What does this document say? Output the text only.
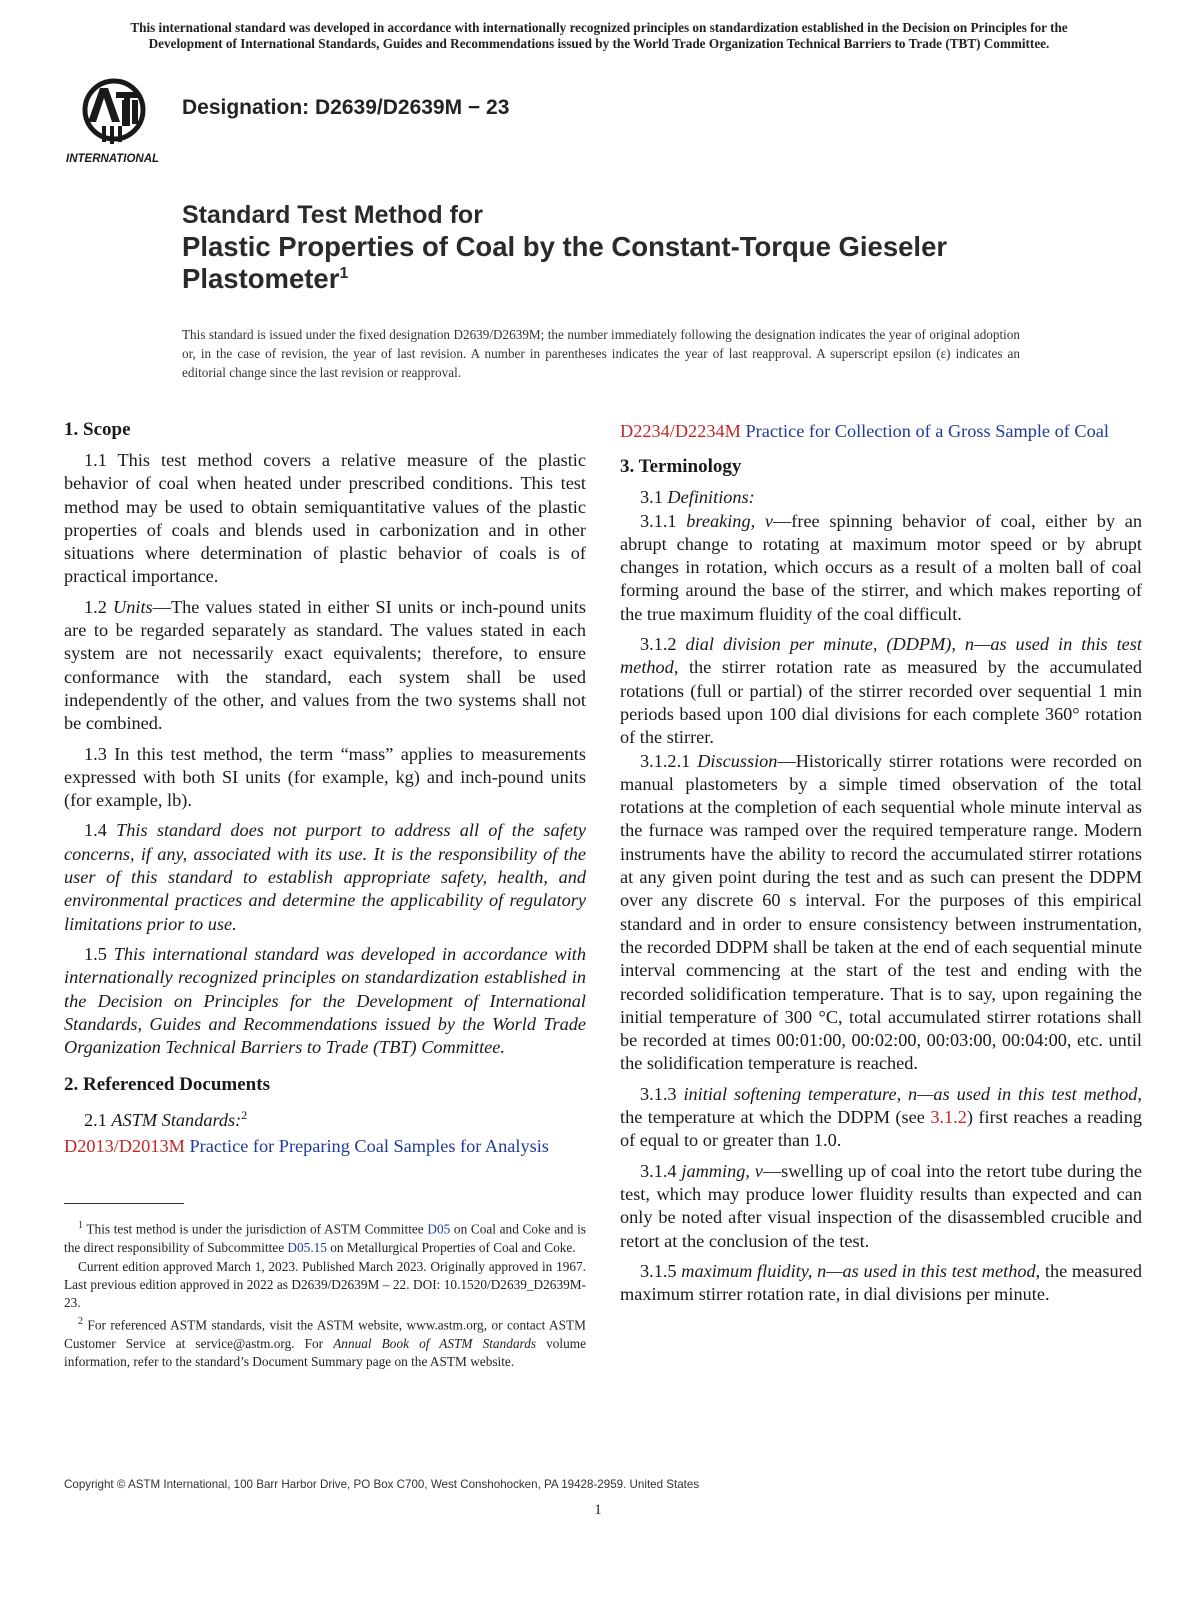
This international standard was developed in accordance with internationally recognized principles on standardization established in the Decision on Principles for the
Development of International Standards, Guides and Recommendations issued by the World Trade Organization Technical Barriers to Trade (TBT) Committee.
INTERNATIONAL
Designation: D2639/D2639M − 23
Standard Test Method for
Plastic Properties of Coal by the Constant-Torque Gieseler
Plastometer$^1$
This standard is issued under the fixed designation D2639/D2639M; the number immediately following the designation indicates the year of original adoption or, in the case of revision, the year of last revision. A number in parentheses indicates the year of last reapproval. A superscript epsilon (ε) indicates an editorial change since the last revision or reapproval.
1. Scope

1.1 This test method covers a relative measure of the plastic behavior of coal when heated under prescribed conditions. This test method may be used to obtain semiquantitative values of the plastic properties of coals and blends used in carbonization and in other situations where determination of plastic behavior of coals is of practical importance.

1.2 Units—The values stated in either SI units or inch-pound units are to be regarded separately as standard. The values stated in each system are not necessarily exact equivalents; therefore, to ensure conformance with the standard, each system shall be used independently of the other, and values from the two systems shall not be combined.

1.3 In this test method, the term “mass” applies to measurements expressed with both SI units (for example, kg) and inch-pound units (for example, lb).

1.4 This standard does not purport to address all of the safety concerns, if any, associated with its use. It is the responsibility of the user of this standard to establish appropriate safety, health, and environmental practices and determine the applicability of regulatory limitations prior to use.

1.5 This international standard was developed in accordance with internationally recognized principles on standardization established in the Decision on Principles for the Development of International Standards, Guides and Recommendations issued by the World Trade Organization Technical Barriers to Trade (TBT) Committee.

2. Referenced Documents

2.1 ASTM Standards:$^2$

D2013/D2013M Practice for Preparing Coal Samples for Analysis
D2234/D2234M Practice for Collection of a Gross Sample of Coal
3. Terminology

3.1 Definitions:

3.1.1 breaking, v—free spinning behavior of coal, either by an abrupt change to rotating at maximum motor speed or by abrupt changes in rotation, which occurs as a result of a molten ball of coal forming around the base of the stirrer, and which makes reporting of the true maximum fluidity of the coal difficult.

3.1.2 dial division per minute, (DDPM), n—as used in this test method, the stirrer rotation rate as measured by the accumulated rotations (full or partial) of the stirrer recorded over sequential 1 min periods based upon 100 dial divisions for each complete 360° rotation of the stirrer.

3.1.2.1 Discussion—Historically stirrer rotations were recorded on manual plastometers by a simple timed observation of the total rotations at the completion of each sequential whole minute interval as the furnace was ramped over the required temperature range. Modern instruments have the ability to record the accumulated stirrer rotations at any given point during the test and as such can present the DDPM over any discrete 60 s interval. For the purposes of this empirical standard and in order to ensure consistency between instrumentation, the recorded DDPM shall be taken at the end of each sequential minute interval commencing at the start of the test and ending with the recorded solidification temperature. That is to say, upon regaining the initial temperature of 300 °C, total accumulated stirrer rotations shall be recorded at times 00:01:00, 00:02:00, 00:03:00, 00:04:00, etc. until the solidification temperature is reached.

3.1.3 initial softening temperature, n—as used in this test method, the temperature at which the DDPM (see 3.1.2) first reaches a reading of equal to or greater than 1.0.

3.1.4 jamming, v—swelling up of coal into the retort tube during the test, which may produce lower fluidity results than expected and can only be noted after visual inspection of the disassembled crucible and retort at the conclusion of the test.

3.1.5 maximum fluidity, n—as used in this test method, the measured maximum stirrer rotation rate, in dial divisions per minute.

$^1$ This test method is under the jurisdiction of ASTM Committee D05 on Coal and Coke and is the direct responsibility of Subcommittee D05.15 on Metallurgical Properties of Coal and Coke.

Current edition approved March 1, 2023. Published March 2023. Originally approved in 1967. Last previous edition approved in 2022 as D2639/D2639M – 22. DOI: 10.1520/D2639_D2639M-23.

$^2$ For referenced ASTM standards, visit the ASTM website, www.astm.org, or contact ASTM Customer Service at service@astm.org. For Annual Book of ASTM Standards volume information, refer to the standard’s Document Summary page on the ASTM website.

Copyright © ASTM International, 100 Barr Harbor Drive, PO Box C700, West Conshohocken, PA 19428-2959. United States
1
